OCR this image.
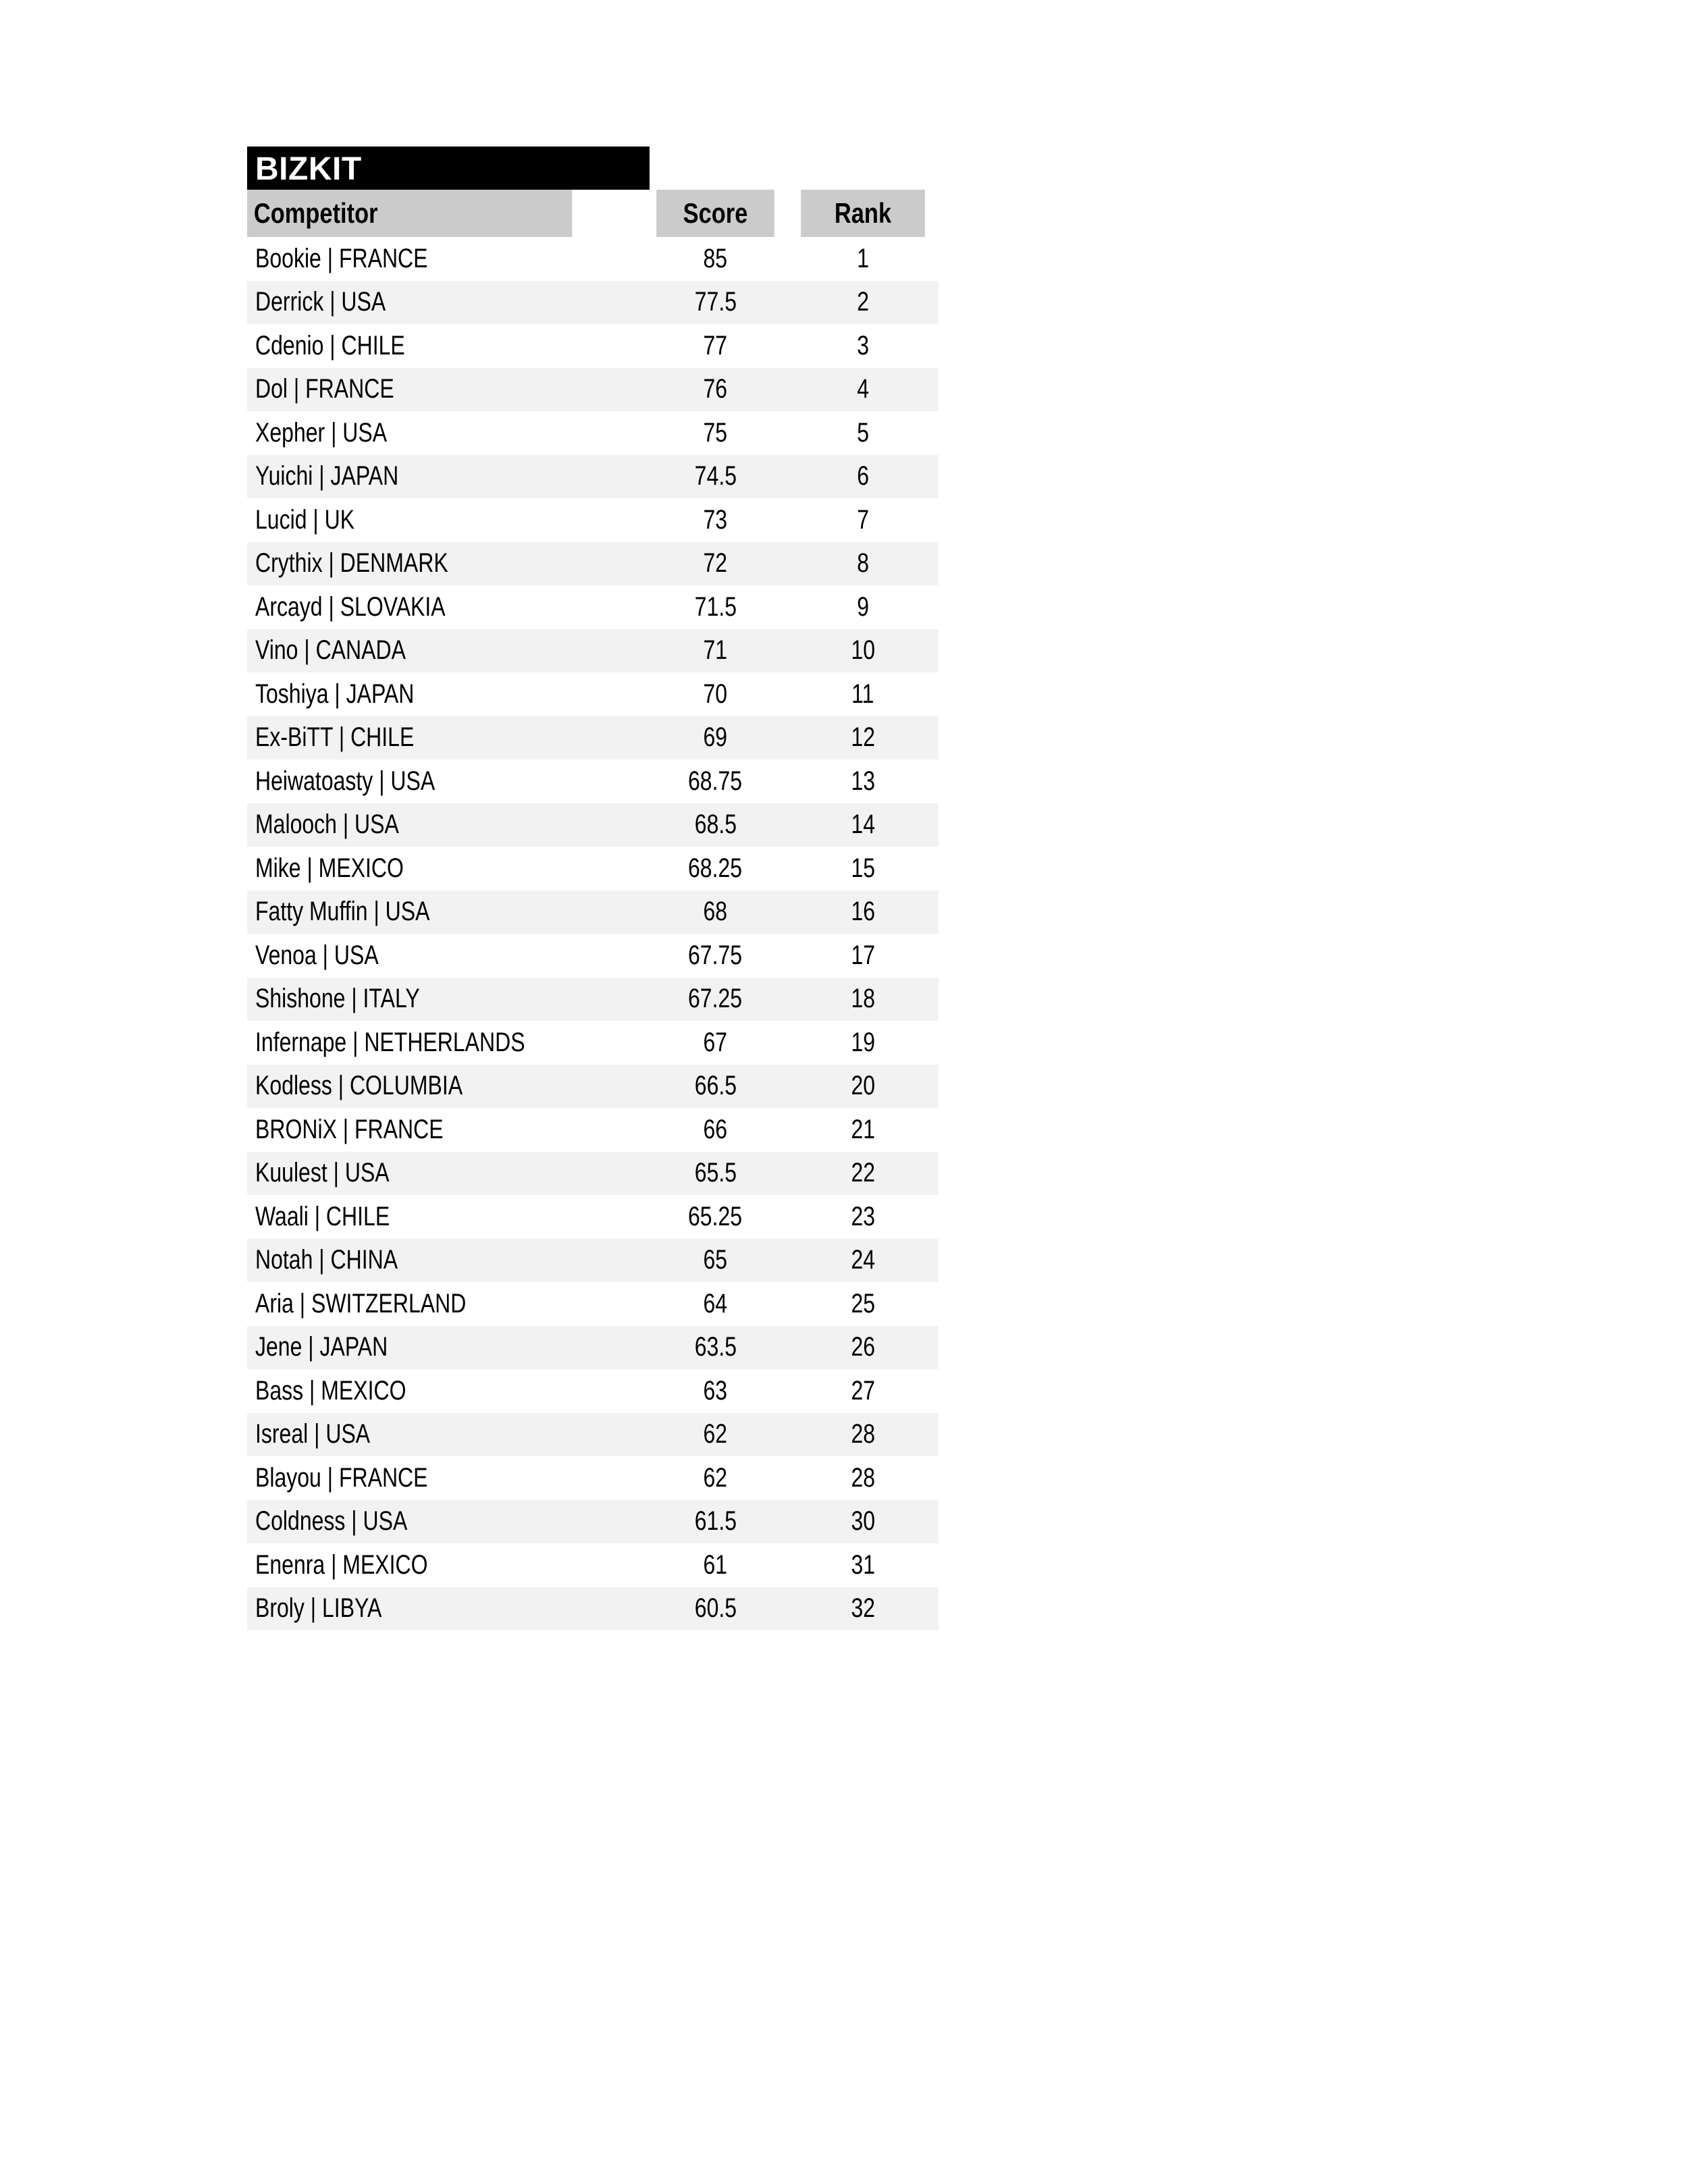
BIZKIT
Competitor	Score	Rank
Bookie | FRANCE	85	1
Derrick | USA	77.5	2
Cdenio | CHILE	77	3
Dol | FRANCE	76	4
Xepher | USA	75	5
Yuichi | JAPAN	74.5	6
Lucid | UK	73	7
Crythix | DENMARK	72	8
Arcayd | SLOVAKIA	71.5	9
Vino | CANADA	71	10
Toshiya | JAPAN	70	11
Ex-BiTT | CHILE	69	12
Heiwatoasty | USA	68.75	13
Malooch | USA	68.5	14
Mike | MEXICO	68.25	15
Fatty Muffin | USA	68	16
Venoa | USA	67.75	17
Shishone | ITALY	67.25	18
Infernape | NETHERLANDS	67	19
Kodless | COLUMBIA	66.5	20
BRONiX | FRANCE	66	21
Kuulest | USA	65.5	22
Waali | CHILE	65.25	23
Notah | CHINA	65	24
Aria | SWITZERLAND	64	25
Jene | JAPAN	63.5	26
Bass | MEXICO	63	27
Isreal | USA	62	28
Blayou | FRANCE	62	28
Coldness | USA	61.5	30
Enenra | MEXICO	61	31
Broly | LIBYA	60.5	32
